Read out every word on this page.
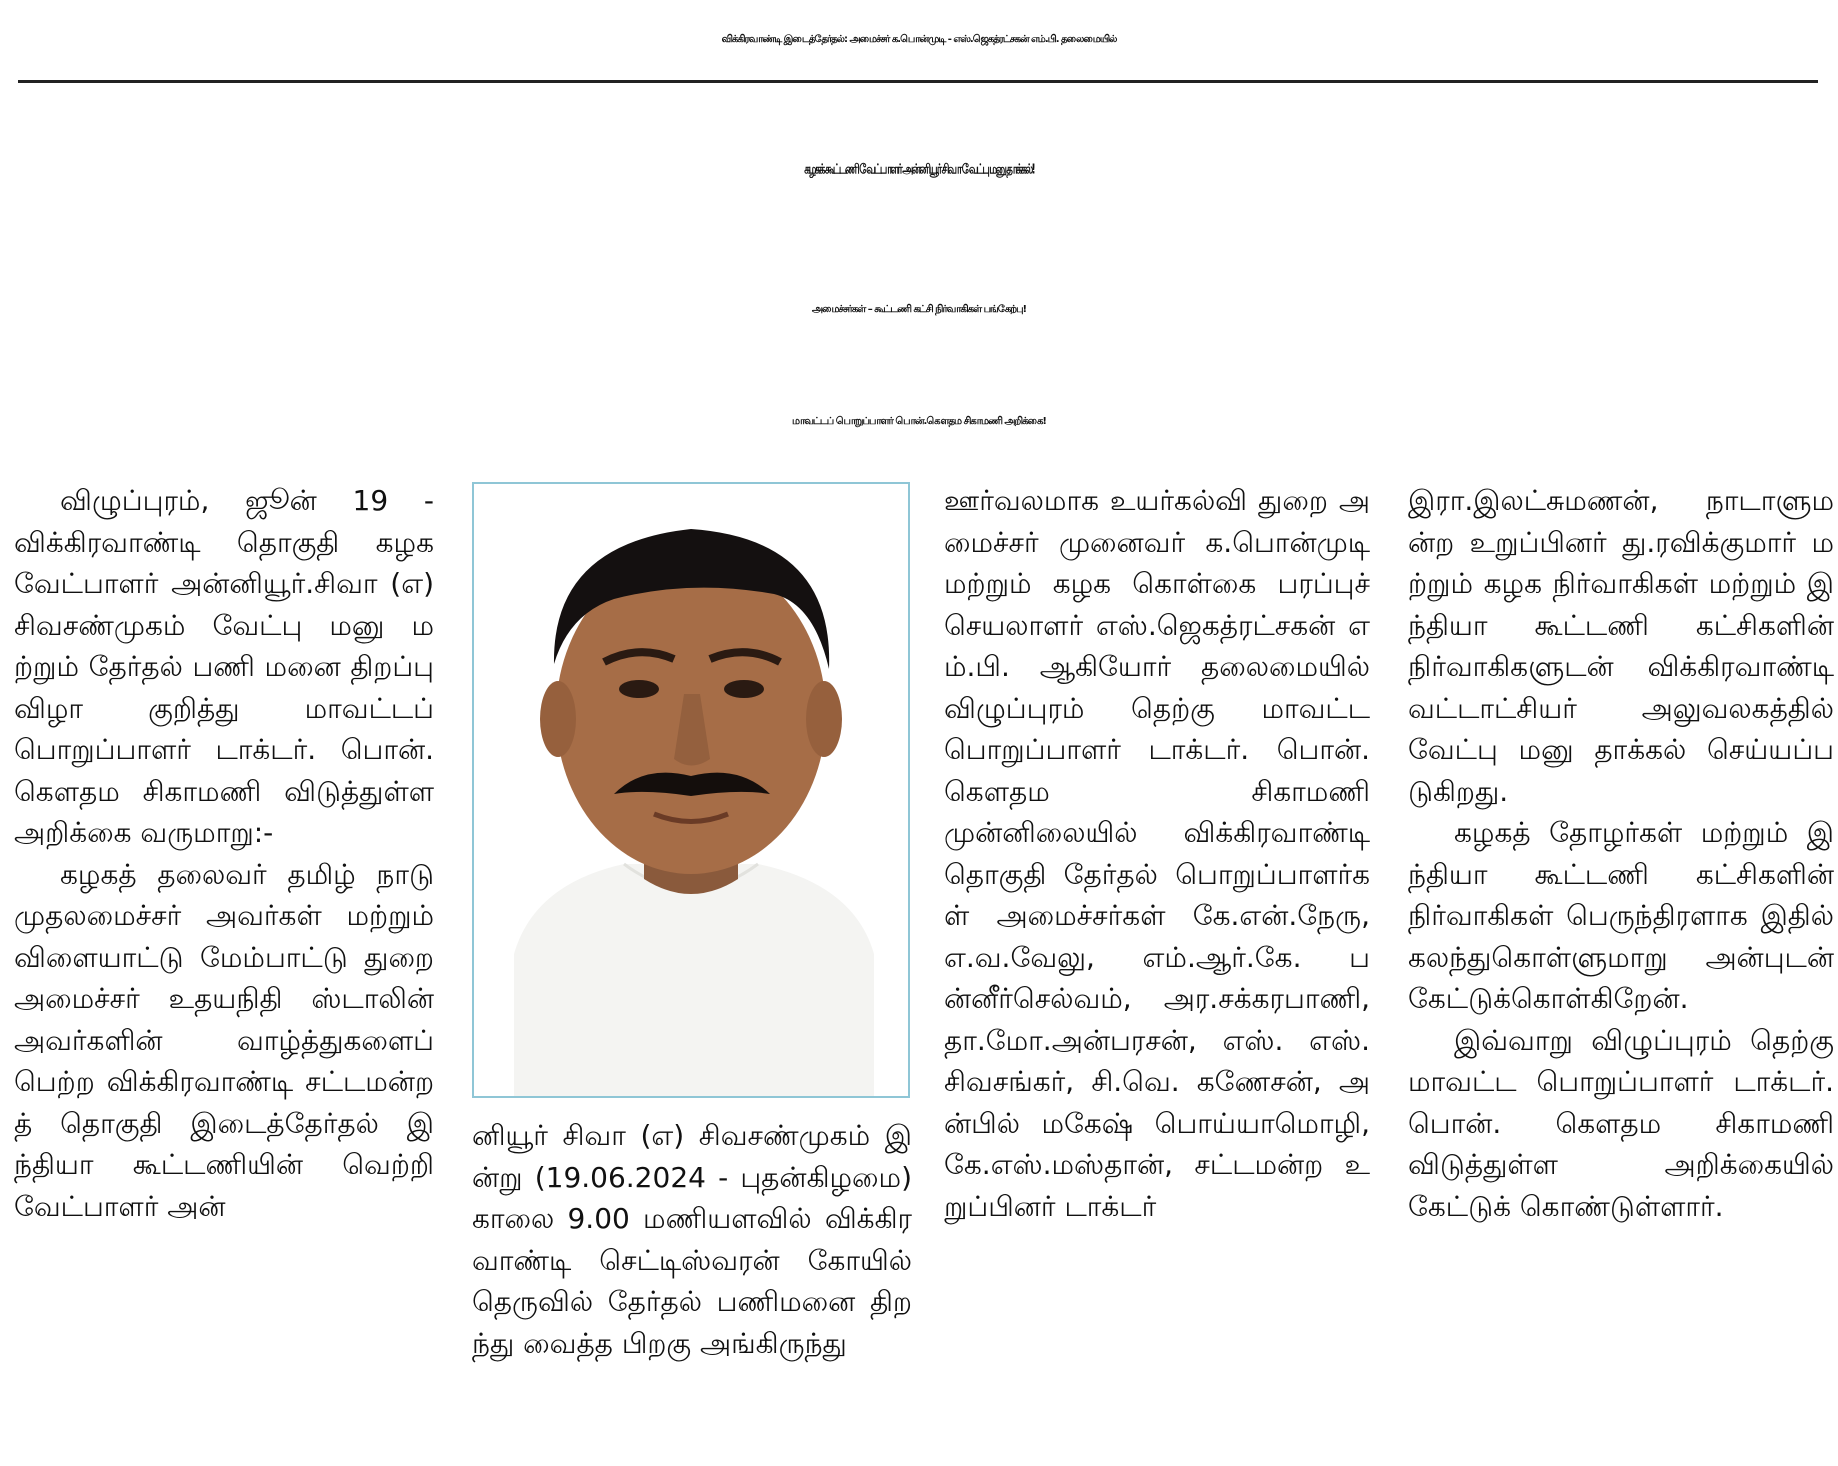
விக்கிரவாண்டி இடைத்தேர்தல்: அமைச்சர் க.பொன்முடி - எஸ்.ஜெகத்ரட்சகன் எம்.பி. தலைமையில்
கழகக் கூட்டணி வேட்பாளர் அன்னியூர் சிவா வேட்பு மனு தாக்கல்!
அமைச்சர்கள் – கூட்டணி கட்சி நிர்வாகிகள் பங்கேற்பு!
மாவட்டப் பொறுப்பாளர் பொன்.கௌதம சிகாமணி அறிக்கை!

விழுப்புரம், ஜூன் 19 - விக்கிரவாண்டி தொகுதி கழக வேட்பாளர் அன்னியூர்.சிவா (எ) சிவசண்முகம் வேட்பு மனு மற்றும் தேர்தல் பணி மனை திறப்பு விழா குறித்து மாவட்டப் பொறுப்பாளர் டாக்டர். பொன்.கௌதம சிகாமணி விடுத்துள்ள அறிக்கை வருமாறு:-

கழகத் தலைவர் தமிழ் நாடு முதலமைச்சர் அவர்கள் மற்றும் விளையாட்டு மேம்பாட்டு துறை அமைச்சர் உதயநிதி ஸ்டாலின் அவர்களின் வாழ்த்துகளைப் பெற்ற விக்கிரவாண்டி சட்டமன்றத் தொகுதி இடைத்தேர்தல் இந்தியா கூட்டணியின் வெற்றி வேட்பாளர் அன்

னியூர் சிவா (எ) சிவசண்முகம் இன்று (19.06.2024 - புதன்கிழமை) காலை 9.00 மணியளவில் விக்கிரவாண்டி செட்டிஸ்வரன் கோயில் தெருவில் தேர்தல் பணிமனை திறந்து வைத்த பிறகு அங்கிருந்து

ஊர்வலமாக உயர்கல்வி துறை அமைச்சர் முனைவர் க.பொன்முடி மற்றும் கழக கொள்கை பரப்புச் செயலாளர் எஸ்.ஜெகத்ரட்சகன் எம்.பி. ஆகியோர் தலைமையில் விழுப்புரம் தெற்கு மாவட்ட பொறுப்பாளர் டாக்டர். பொன்.கௌதம சிகாமணி முன்னிலையில் விக்கிரவாண்டி தொகுதி தேர்தல் பொறுப்பாளர்கள் அமைச்சர்கள் கே.என்.நேரு, எ.வ.வேலு, எம்.ஆர்.கே. பன்னீர்செல்வம், அர.சக்கரபாணி, தா.மோ.அன்பரசன், எஸ். எஸ்.சிவசங்கர், சி.வெ. கணேசன், அன்பில் மகேஷ் பொய்யாமொழி, கே.எஸ்.மஸ்தான், சட்டமன்ற உறுப்பினர் டாக்டர்

இரா.இலட்சுமணன், நாடாளுமன்ற உறுப்பினர் து.ரவிக்குமார் மற்றும் கழக நிர்வாகிகள் மற்றும் இந்தியா கூட்டணி கட்சிகளின் நிர்வாகிகளுடன் விக்கிரவாண்டி வட்டாட்சியர் அலுவலகத்தில் வேட்பு மனு தாக்கல் செய்யப்படுகிறது.

கழகத் தோழர்கள் மற்றும் இந்தியா கூட்டணி கட்சிகளின் நிர்வாகிகள் பெருந்திரளாக இதில் கலந்துகொள்ளுமாறு அன்புடன் கேட்டுக்கொள்கிறேன்.

இவ்வாறு விழுப்புரம் தெற்கு மாவட்ட பொறுப்பாளர் டாக்டர். பொன். கௌதம சிகாமணி விடுத்துள்ள அறிக்கையில் கேட்டுக் கொண்டுள்ளார்.
